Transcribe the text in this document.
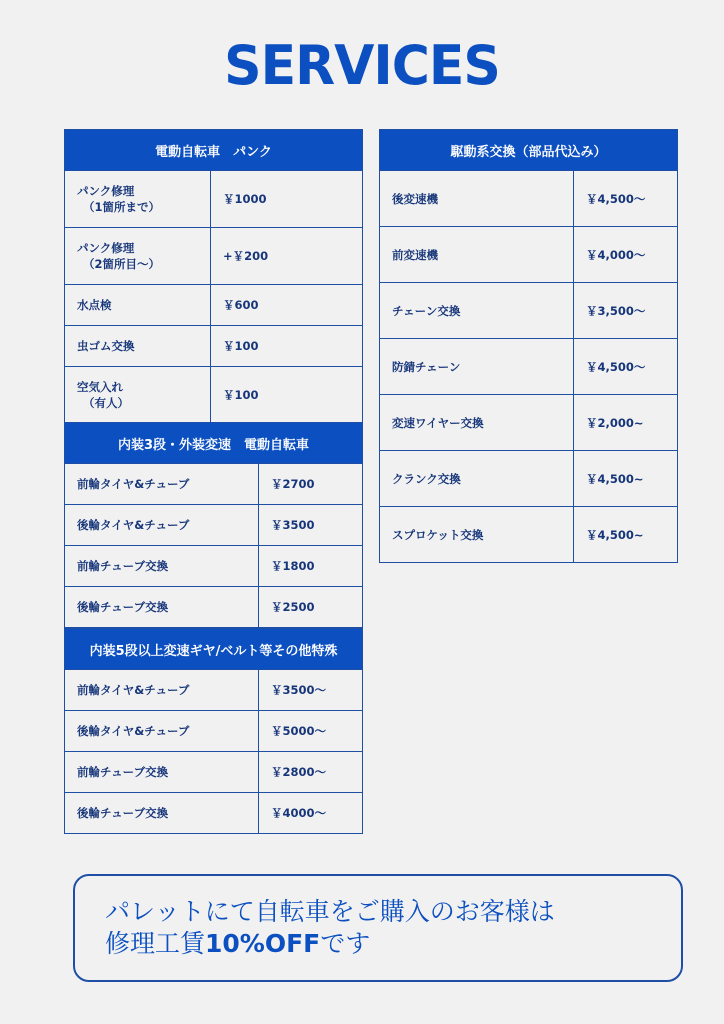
SERVICES
電動自転車　パンク	
パンク修理
（1箇所まで）	￥1000
パンク修理
（2箇所目〜）	+￥200
水点検	￥600
虫ゴム交換	￥100
空気入れ
（有人）	￥100
内装3段・外装変速　電動自転車	
前輪タイヤ&チューブ	￥2700
後輪タイヤ&チューブ	￥3500
前輪チューブ交換	￥1800
後輪チューブ交換	￥2500
内装5段以上変速ギヤ/ベルト等その他特殊	
前輪タイヤ&チューブ	￥3500〜
後輪タイヤ&チューブ	￥5000〜
前輪チューブ交換	￥2800〜
後輪チューブ交換	￥4000〜
駆動系交換（部品代込み）	
後変速機	￥4,500〜
前変速機	￥4,000〜
チェーン交換	￥3,500〜
防錆チェーン	￥4,500〜
変速ワイヤー交換	￥2,000~
クランク交換	￥4,500~
スプロケット交換	￥4,500~
パレットにて自転車をご購入のお客様は
修理工賃10%OFFです
